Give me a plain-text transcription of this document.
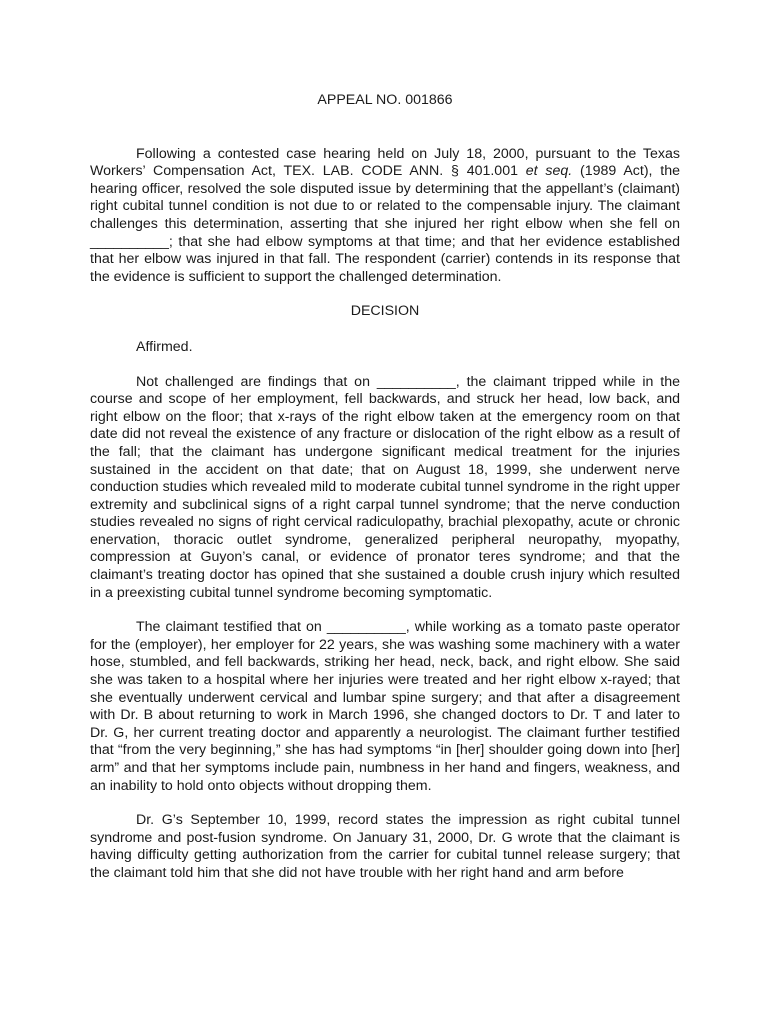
APPEAL NO. 001866

Following a contested case hearing held on July 18, 2000, pursuant to the Texas Workers’ Compensation Act, TEX. LAB. CODE ANN. § 401.001 et seq. (1989 Act), the hearing officer, resolved the sole disputed issue by determining that the appellant’s (claimant) right cubital tunnel condition is not due to or related to the compensable injury. The claimant challenges this determination, asserting that she injured her right elbow when she fell on __________; that she had elbow symptoms at that time; and that her evidence established that her elbow was injured in that fall. The respondent (carrier) contends in its response that the evidence is sufficient to support the challenged determination.

DECISION

Affirmed.

Not challenged are findings that on __________, the claimant tripped while in the course and scope of her employment, fell backwards, and struck her head, low back, and right elbow on the floor; that x-rays of the right elbow taken at the emergency room on that date did not reveal the existence of any fracture or dislocation of the right elbow as a result of the fall; that the claimant has undergone significant medical treatment for the injuries sustained in the accident on that date; that on August 18, 1999, she underwent nerve conduction studies which revealed mild to moderate cubital tunnel syndrome in the right upper extremity and subclinical signs of a right carpal tunnel syndrome; that the nerve conduction studies revealed no signs of right cervical radiculopathy, brachial plexopathy, acute or chronic enervation, thoracic outlet syndrome, generalized peripheral neuropathy, myopathy, compression at Guyon’s canal, or evidence of pronator teres syndrome; and that the claimant’s treating doctor has opined that she sustained a double crush injury which resulted in a preexisting cubital tunnel syndrome becoming symptomatic.

The claimant testified that on __________, while working as a tomato paste operator for the (employer), her employer for 22 years, she was washing some machinery with a water hose, stumbled, and fell backwards, striking her head, neck, back, and right elbow. She said she was taken to a hospital where her injuries were treated and her right elbow x-rayed; that she eventually underwent cervical and lumbar spine surgery; and that after a disagreement with Dr. B about returning to work in March 1996, she changed doctors to Dr. T and later to Dr. G, her current treating doctor and apparently a neurologist. The claimant further testified that “from the very beginning,” she has had symptoms “in [her] shoulder going down into [her] arm” and that her symptoms include pain, numbness in her hand and fingers, weakness, and an inability to hold onto objects without dropping them.

Dr. G’s September 10, 1999, record states the impression as right cubital tunnel syndrome and post-fusion syndrome. On January 31, 2000, Dr. G wrote that the claimant is having difficulty getting authorization from the carrier for cubital tunnel release surgery; that the claimant told him that she did not have trouble with her right hand and arm before
